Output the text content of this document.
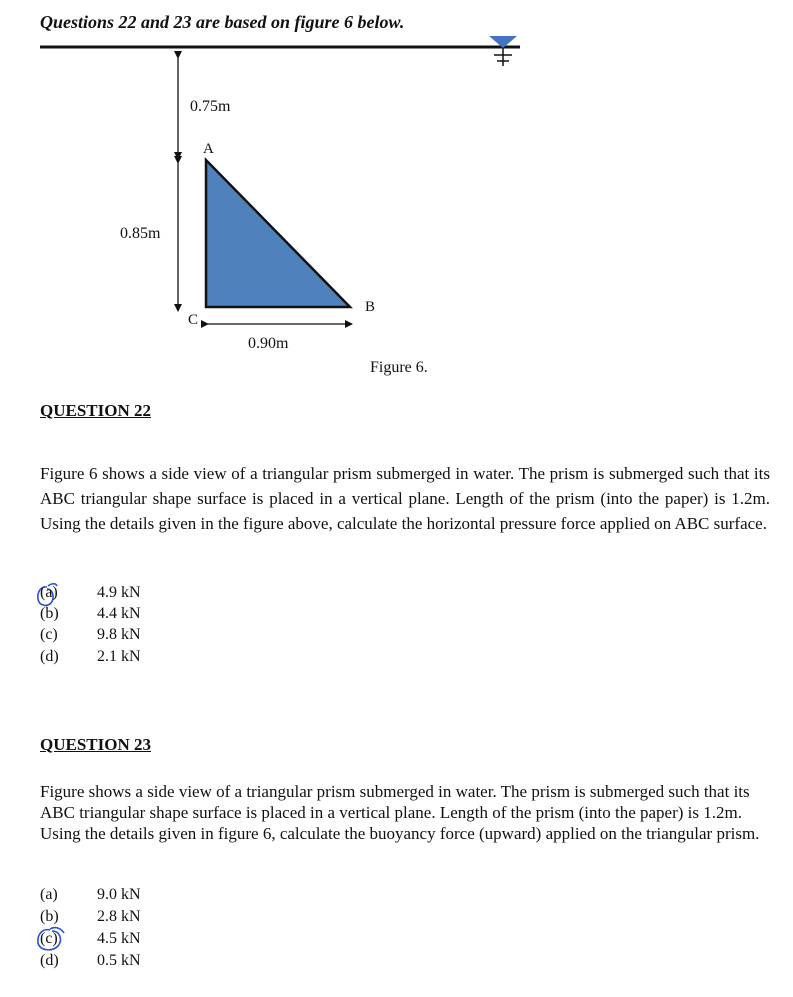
Questions 22 and 23 are based on figure 6 below.
0.75m
A
0.85m
B
C
0.90m
Figure 6.
QUESTION 22
Figure 6 shows a side view of a triangular prism submerged in water. The prism is submerged such that its ABC triangular shape surface is placed in a vertical plane. Length of the prism (into the paper) is 1.2m. Using the details given in the figure above, calculate the horizontal pressure force applied on ABC surface.
(a) 4.9 kN
(b) 4.4 kN
(c) 9.8 kN
(d) 2.1 kN
QUESTION 23
Figure shows a side view of a triangular prism submerged in water. The prism is submerged such that its ABC triangular shape surface is placed in a vertical plane. Length of the prism (into the paper) is 1.2m. Using the details given in figure 6, calculate the buoyancy force (upward) applied on the triangular prism.
(a) 9.0 kN
(b) 2.8 kN
(c) 4.5 kN
(d) 0.5 kN
